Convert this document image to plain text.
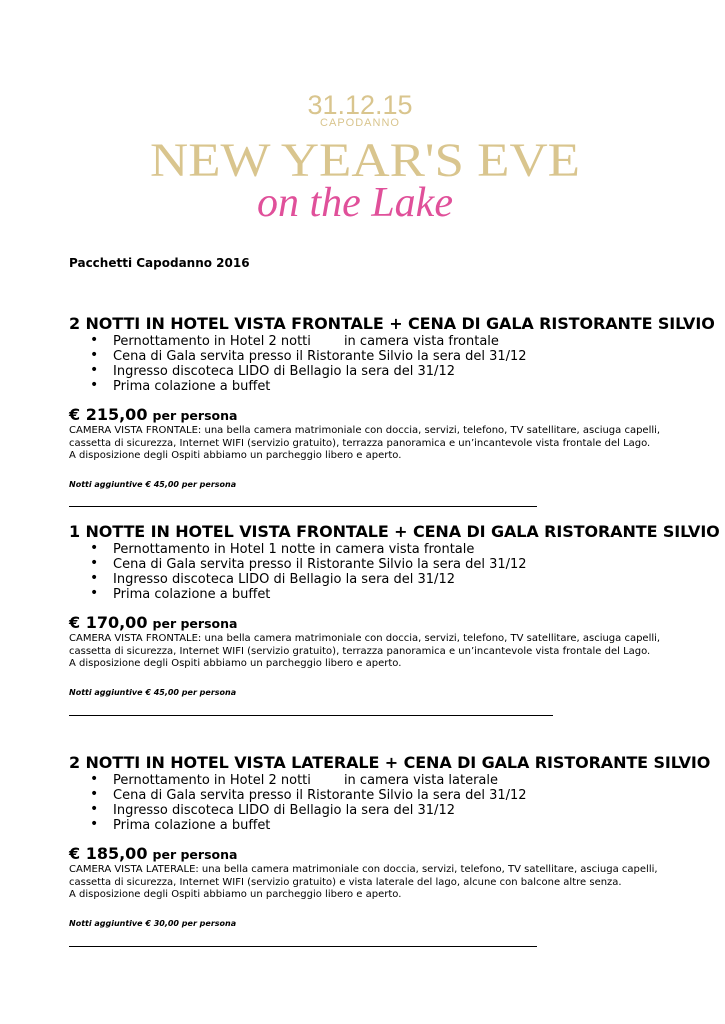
31.12.15
CAPODANNO
NEW YEAR'S EVE
on the Lake
Pacchetti Capodanno 2016
2 NOTTI IN HOTEL VISTA FRONTALE + CENA DI GALA RISTORANTE SILVIO
• Pernottamento in Hotel 2 notti        in camera vista frontale
• Cena di Gala servita presso il Ristorante Silvio la sera del 31/12
• Ingresso discoteca LIDO di Bellagio la sera del 31/12
• Prima colazione a buffet
€ 215,00 per persona

CAMERA VISTA FRONTALE: una bella camera matrimoniale con doccia, servizi, telefono, TV satellitare, asciuga capelli,
cassetta di sicurezza, Internet WIFI (servizio gratuito), terrazza panoramica e un’incantevole vista frontale del Lago.
A disposizione degli Ospiti abbiamo un parcheggio libero e aperto.

Notti aggiuntive € 45,00 per persona
1 NOTTE IN HOTEL VISTA FRONTALE + CENA DI GALA RISTORANTE SILVIO
• Pernottamento in Hotel 1 notte in camera vista frontale
• Cena di Gala servita presso il Ristorante Silvio la sera del 31/12
• Ingresso discoteca LIDO di Bellagio la sera del 31/12
• Prima colazione a buffet
€ 170,00 per persona

CAMERA VISTA FRONTALE: una bella camera matrimoniale con doccia, servizi, telefono, TV satellitare, asciuga capelli,
cassetta di sicurezza, Internet WIFI (servizio gratuito), terrazza panoramica e un’incantevole vista frontale del Lago.
A disposizione degli Ospiti abbiamo un parcheggio libero e aperto.

Notti aggiuntive € 45,00 per persona
2 NOTTI IN HOTEL VISTA LATERALE + CENA DI GALA RISTORANTE SILVIO
• Pernottamento in Hotel 2 notti        in camera vista laterale
• Cena di Gala servita presso il Ristorante Silvio la sera del 31/12
• Ingresso discoteca LIDO di Bellagio la sera del 31/12
• Prima colazione a buffet
€ 185,00 per persona

CAMERA VISTA LATERALE: una bella camera matrimoniale con doccia, servizi, telefono, TV satellitare, asciuga capelli,
cassetta di sicurezza, Internet WIFI (servizio gratuito) e vista laterale del lago, alcune con balcone altre senza.
A disposizione degli Ospiti abbiamo un parcheggio libero e aperto.

Notti aggiuntive € 30,00 per persona
